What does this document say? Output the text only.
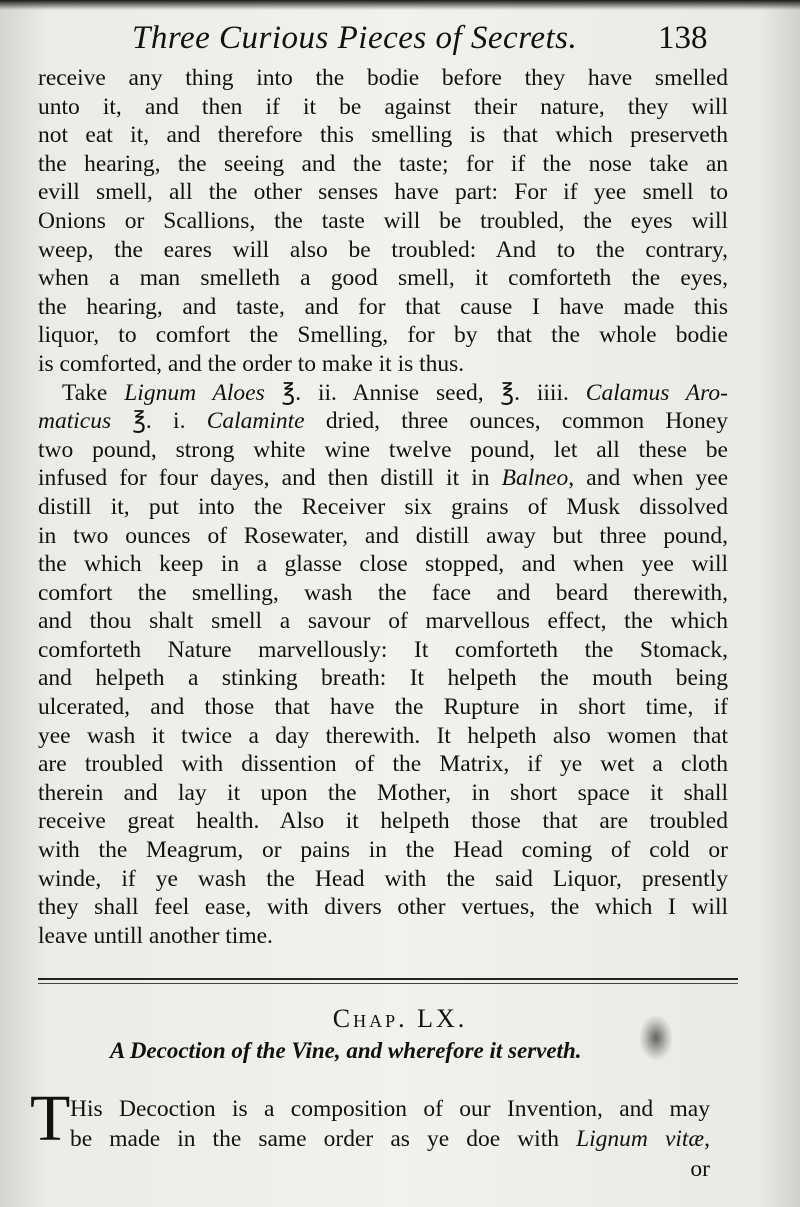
Three Curious Pieces of Secrets. 138
receive any thing into the bodie before they have smelled
unto it, and then if it be against their nature, they will
not eat it, and therefore this smelling is that which preserveth
the hearing, the seeing and the taste; for if the nose take an
evill smell, all the other senses have part: For if yee smell to
Onions or Scallions, the taste will be troubled, the eyes will
weep, the eares will also be troubled: And to the contrary,
when a man smelleth a good smell, it comforteth the eyes,
the hearing, and taste, and for that cause I have made this
liquor, to comfort the Smelling, for by that the whole bodie
is comforted, and the order to make it is thus.
Take Lignum Aloes ℥. ii. Annise seed, ℥. iiii. Calamus Aro-
maticus ℥. i. Calaminte dried, three ounces, common Honey
two pound, strong white wine twelve pound, let all these be
infused for four dayes, and then distill it in Balneo, and when yee
distill it, put into the Receiver six grains of Musk dissolved
in two ounces of Rosewater, and distill away but three pound,
the which keep in a glasse close stopped, and when yee will
comfort the smelling, wash the face and beard therewith,
and thou shalt smell a savour of marvellous effect, the which
comforteth Nature marvellously: It comforteth the Stomack,
and helpeth a stinking breath: It helpeth the mouth being
ulcerated, and those that have the Rupture in short time, if
yee wash it twice a day therewith. It helpeth also women that
are troubled with dissention of the Matrix, if ye wet a cloth
therein and lay it upon the Mother, in short space it shall
receive great health. Also it helpeth those that are troubled
with the Meagrum, or pains in the Head coming of cold or
winde, if ye wash the Head with the said Liquor, presently
they shall feel ease, with divers other vertues, the which I will
leave untill another time.
Chap. LX.
A Decoction of the Vine, and wherefore it serveth.
T His Decoction is a composition of our Invention, and may
be made in the same order as ye doe with Lignum vitæ,
or
